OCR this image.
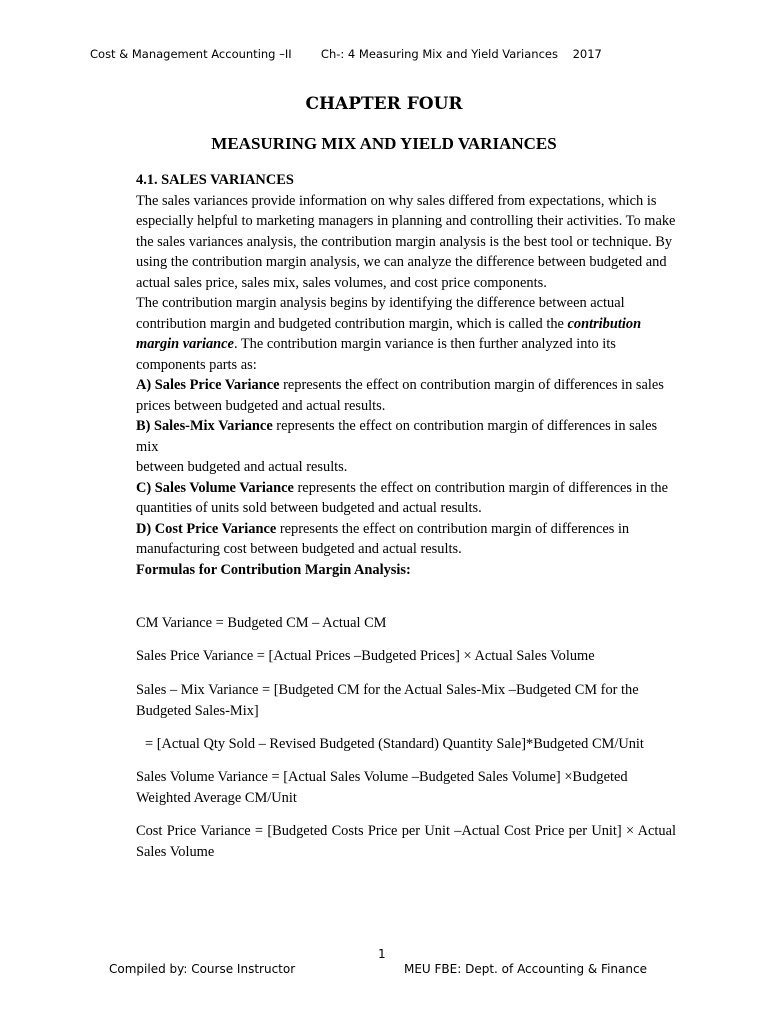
Cost & Management Accounting –II	Ch-: 4 Measuring Mix and Yield Variances 2017
CHAPTER FOUR
MEASURING MIX AND YIELD VARIANCES

4.1. SALES VARIANCES

The sales variances provide information on why sales differed from expectations, which is especially helpful to marketing managers in planning and controlling their activities. To make the sales variances analysis, the contribution margin analysis is the best tool or technique. By using the contribution margin analysis, we can analyze the difference between budgeted and actual sales price, sales mix, sales volumes, and cost price components.

The contribution margin analysis begins by identifying the difference between actual contribution margin and budgeted contribution margin, which is called the contribution margin variance. The contribution margin variance is then further analyzed into its components parts as:

A) Sales Price Variance represents the effect on contribution margin of differences in sales prices between budgeted and actual results.

B) Sales-Mix Variance represents the effect on contribution margin of differences in sales mix

between budgeted and actual results.

C) Sales Volume Variance represents the effect on contribution margin of differences in the quantities of units sold between budgeted and actual results.

D) Cost Price Variance represents the effect on contribution margin of differences in manufacturing cost between budgeted and actual results.

Formulas for Contribution Margin Analysis:

CM Variance = Budgeted CM – Actual CM

Sales Price Variance = [Actual Prices –Budgeted Prices] × Actual Sales Volume

Sales – Mix Variance = [Budgeted CM for the Actual Sales-Mix –Budgeted CM for the Budgeted Sales-Mix]

= [Actual Qty Sold – Revised Budgeted (Standard) Quantity Sale]*Budgeted CM/Unit

Sales Volume Variance = [Actual Sales Volume –Budgeted Sales Volume] ×Budgeted Weighted Average CM/Unit

Cost Price Variance = [Budgeted Costs Price per Unit –Actual Cost Price per Unit] × Actual Sales Volume

1
Compiled by: Course Instructor	MEU FBE: Dept. of Accounting & Finance
